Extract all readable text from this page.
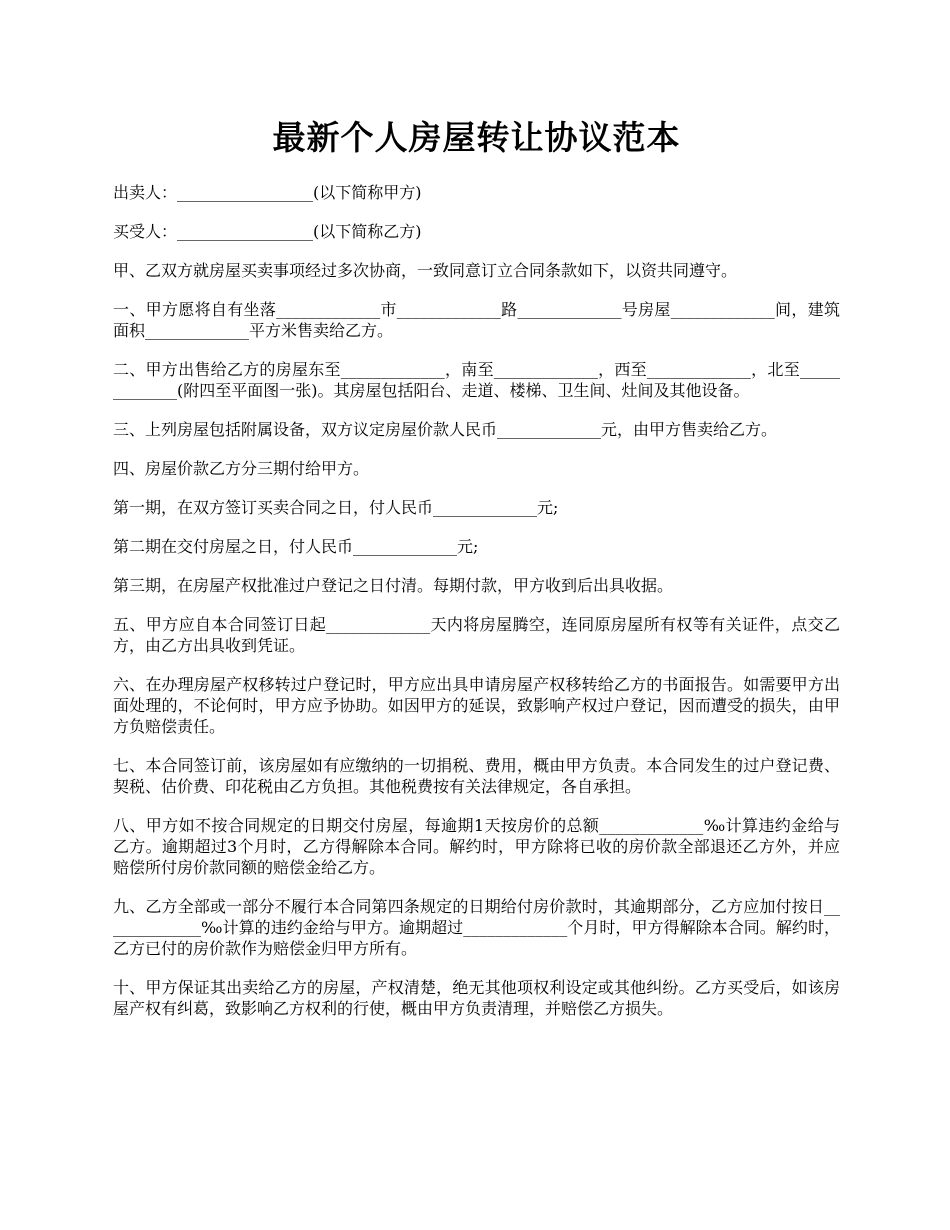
最新个人房屋转让协议范本

出卖人：_________________(以下简称甲方)

买受人：_________________(以下简称乙方)

甲、乙双方就房屋买卖事项经过多次协商，一致同意订立合同条款如下，以资共同遵守。

一、甲方愿将自有坐落_____________市_____________路_____________号房屋_____________间，建筑面积_____________平方米售卖给乙方。

二、甲方出售给乙方的房屋东至_____________，南至_____________，西至_____________，北至_____________(附四至平面图一张)。其房屋包括阳台、走道、楼梯、卫生间、灶间及其他设备。

三、上列房屋包括附属设备，双方议定房屋价款人民币_____________元，由甲方售卖给乙方。

四、房屋价款乙方分三期付给甲方。

第一期，在双方签订买卖合同之日，付人民币_____________元;

第二期在交付房屋之日，付人民币_____________元;

第三期，在房屋产权批准过户登记之日付清。每期付款，甲方收到后出具收据。

五、甲方应自本合同签订日起_____________天内将房屋腾空，连同原房屋所有权等有关证件，点交乙方，由乙方出具收到凭证。

六、在办理房屋产权移转过户登记时，甲方应出具申请房屋产权移转给乙方的书面报告。如需要甲方出面处理的，不论何时，甲方应予协助。如因甲方的延误，致影响产权过户登记，因而遭受的损失，由甲方负赔偿责任。

七、本合同签订前，该房屋如有应缴纳的一切捐税、费用，概由甲方负责。本合同发生的过户登记费、契税、估价费、印花税由乙方负担。其他税费按有关法律规定，各自承担。

八、甲方如不按合同规定的日期交付房屋，每逾期1天按房价的总额_____________‰计算违约金给与乙方。逾期超过3个月时，乙方得解除本合同。解约时，甲方除将已收的房价款全部退还乙方外，并应赔偿所付房价款同额的赔偿金给乙方。

九、乙方全部或一部分不履行本合同第四条规定的日期给付房价款时，其逾期部分，乙方应加付按日_____________‰计算的违约金给与甲方。逾期超过_____________个月时，甲方得解除本合同。解约时，乙方已付的房价款作为赔偿金归甲方所有。

十、甲方保证其出卖给乙方的房屋，产权清楚，绝无其他项权利设定或其他纠纷。乙方买受后，如该房屋产权有纠葛，致影响乙方权利的行使，概由甲方负责清理，并赔偿乙方损失。
